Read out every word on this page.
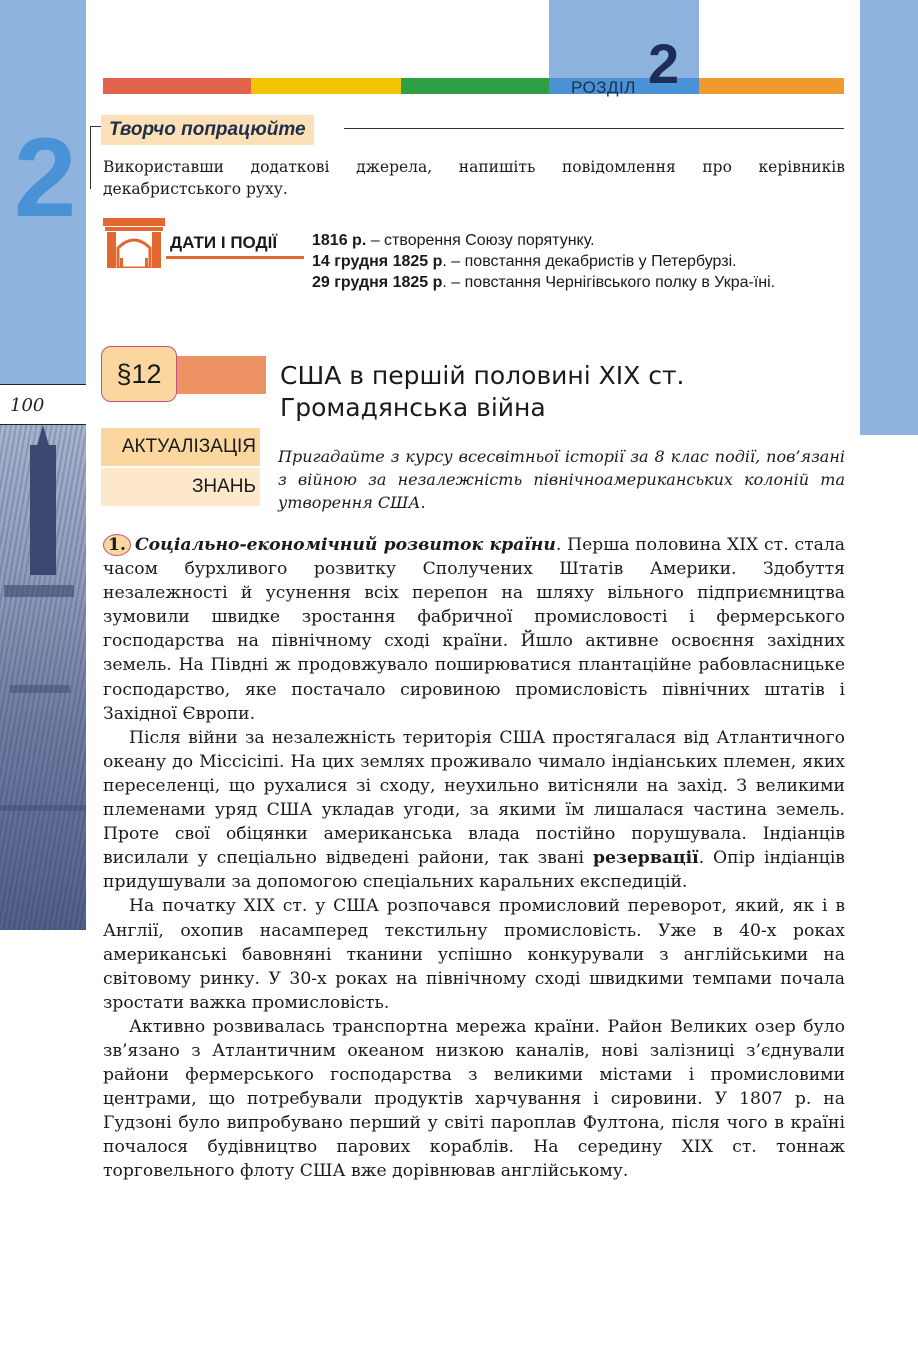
2
100
РОЗДІЛ 2
Творчо попрацюйте
Використавши додаткові джерела, напишіть повідомлення про керівників декабристського руху.
ДАТИ І ПОДІЇ	1816 р. – створення Союзу порятунку.
14 грудня 1825 р. – повстання декабристів у Петербурзі.
29 грудня 1825 р. – повстання Чернігівського полку в Укра-їні.
§12	США в першій половині ХІХ ст.
Громадянська війна
АКТУАЛІЗАЦІЯ
ЗНАНЬ
Пригадайте з курсу всесвітньої історії за 8 клас події, пов’язані з війною за незалежність північноамериканських колоній та утворення США.

1. Соціально-економічний розвиток країни. Перша половина ХІХ ст. стала часом бурхливого розвитку Сполучених Штатів Америки. Здобуття незалежності й усунення всіх перепон на шляху вільного підприємництва зумовили швидке зростання фабричної промисловості і фермерського господарства на північному сході країни. Йшло активне освоєння західних земель. На Півдні ж продовжувало поширюватися плантаційне рабовласницьке господарство, яке постачало сировиною промисловість північних штатів і Західної Європи.

Після війни за незалежність територія США простягалася від Атлантичного океану до Міссісіпі. На цих землях проживало чимало індіанських племен, яких переселенці, що рухалися зі сходу, неухильно витісняли на захід. З великими племенами уряд США укладав угоди, за якими їм лишалася частина земель. Проте свої обіцянки американська влада постійно порушувала. Індіанців висилали у спеціально відведені райони, так звані резервації. Опір індіанців придушували за допомогою спеціальних каральних експедицій.

На початку ХІХ ст. у США розпочався промисловий переворот, який, як і в Англії, охопив насамперед текстильну промисловість. Уже в 40-х роках американські бавовняні тканини успішно конкурували з англійськими на світовому ринку. У 30-х роках на північному сході швидкими темпами почала зростати важка промисловість.

Активно розвивалась транспортна мережа країни. Район Великих озер було зв’язано з Атлантичним океаном низкою каналів, нові залізниці з’єднували райони фермерського господарства з великими містами і промисловими центрами, що потребували продуктів харчування і сировини. У 1807 р. на Гудзоні було випробувано перший у світі пароплав Фултона, після чого в країні почалося будівництво парових кораблів. На середину ХІХ ст. тоннаж торговельного флоту США вже дорівнював англійському.
